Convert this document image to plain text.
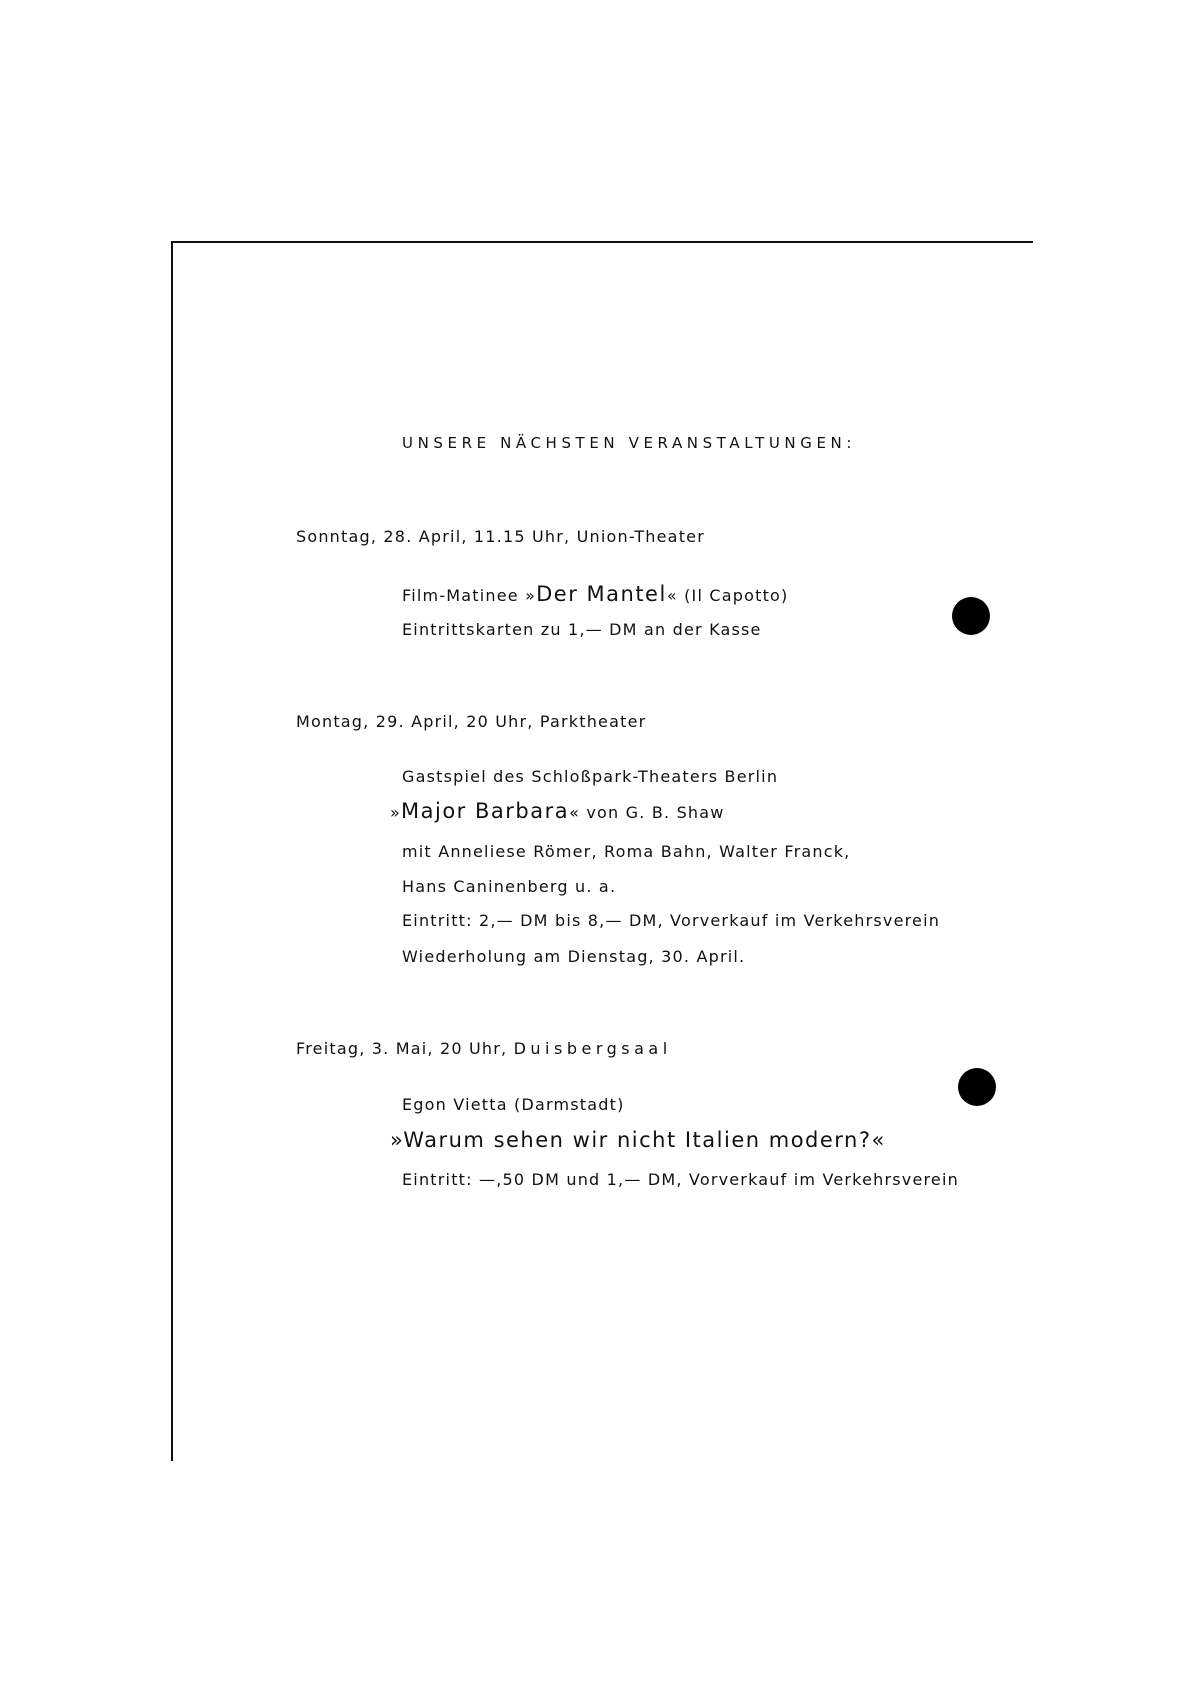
UNSERE NÄCHSTEN VERANSTALTUNGEN:
Sonntag, 28. April, 11.15 Uhr, Union-Theater
Film-Matinee »Der Mantel« (Il Capotto)
Eintrittskarten zu 1,— DM an der Kasse
Montag, 29. April, 20 Uhr, Parktheater
Gastspiel des Schloßpark-Theaters Berlin
»Major Barbara« von G. B. Shaw
mit Anneliese Römer, Roma Bahn, Walter Franck,
Hans Caninenberg u. a.
Eintritt: 2,— DM bis 8,— DM, Vorverkauf im Verkehrsverein
Wiederholung am Dienstag, 30. April.
Freitag, 3. Mai, 20 Uhr, Duisbergsaal
Egon Vietta (Darmstadt)
»Warum sehen wir nicht Italien modern?«
Eintritt: —,50 DM und 1,— DM, Vorverkauf im Verkehrsverein
